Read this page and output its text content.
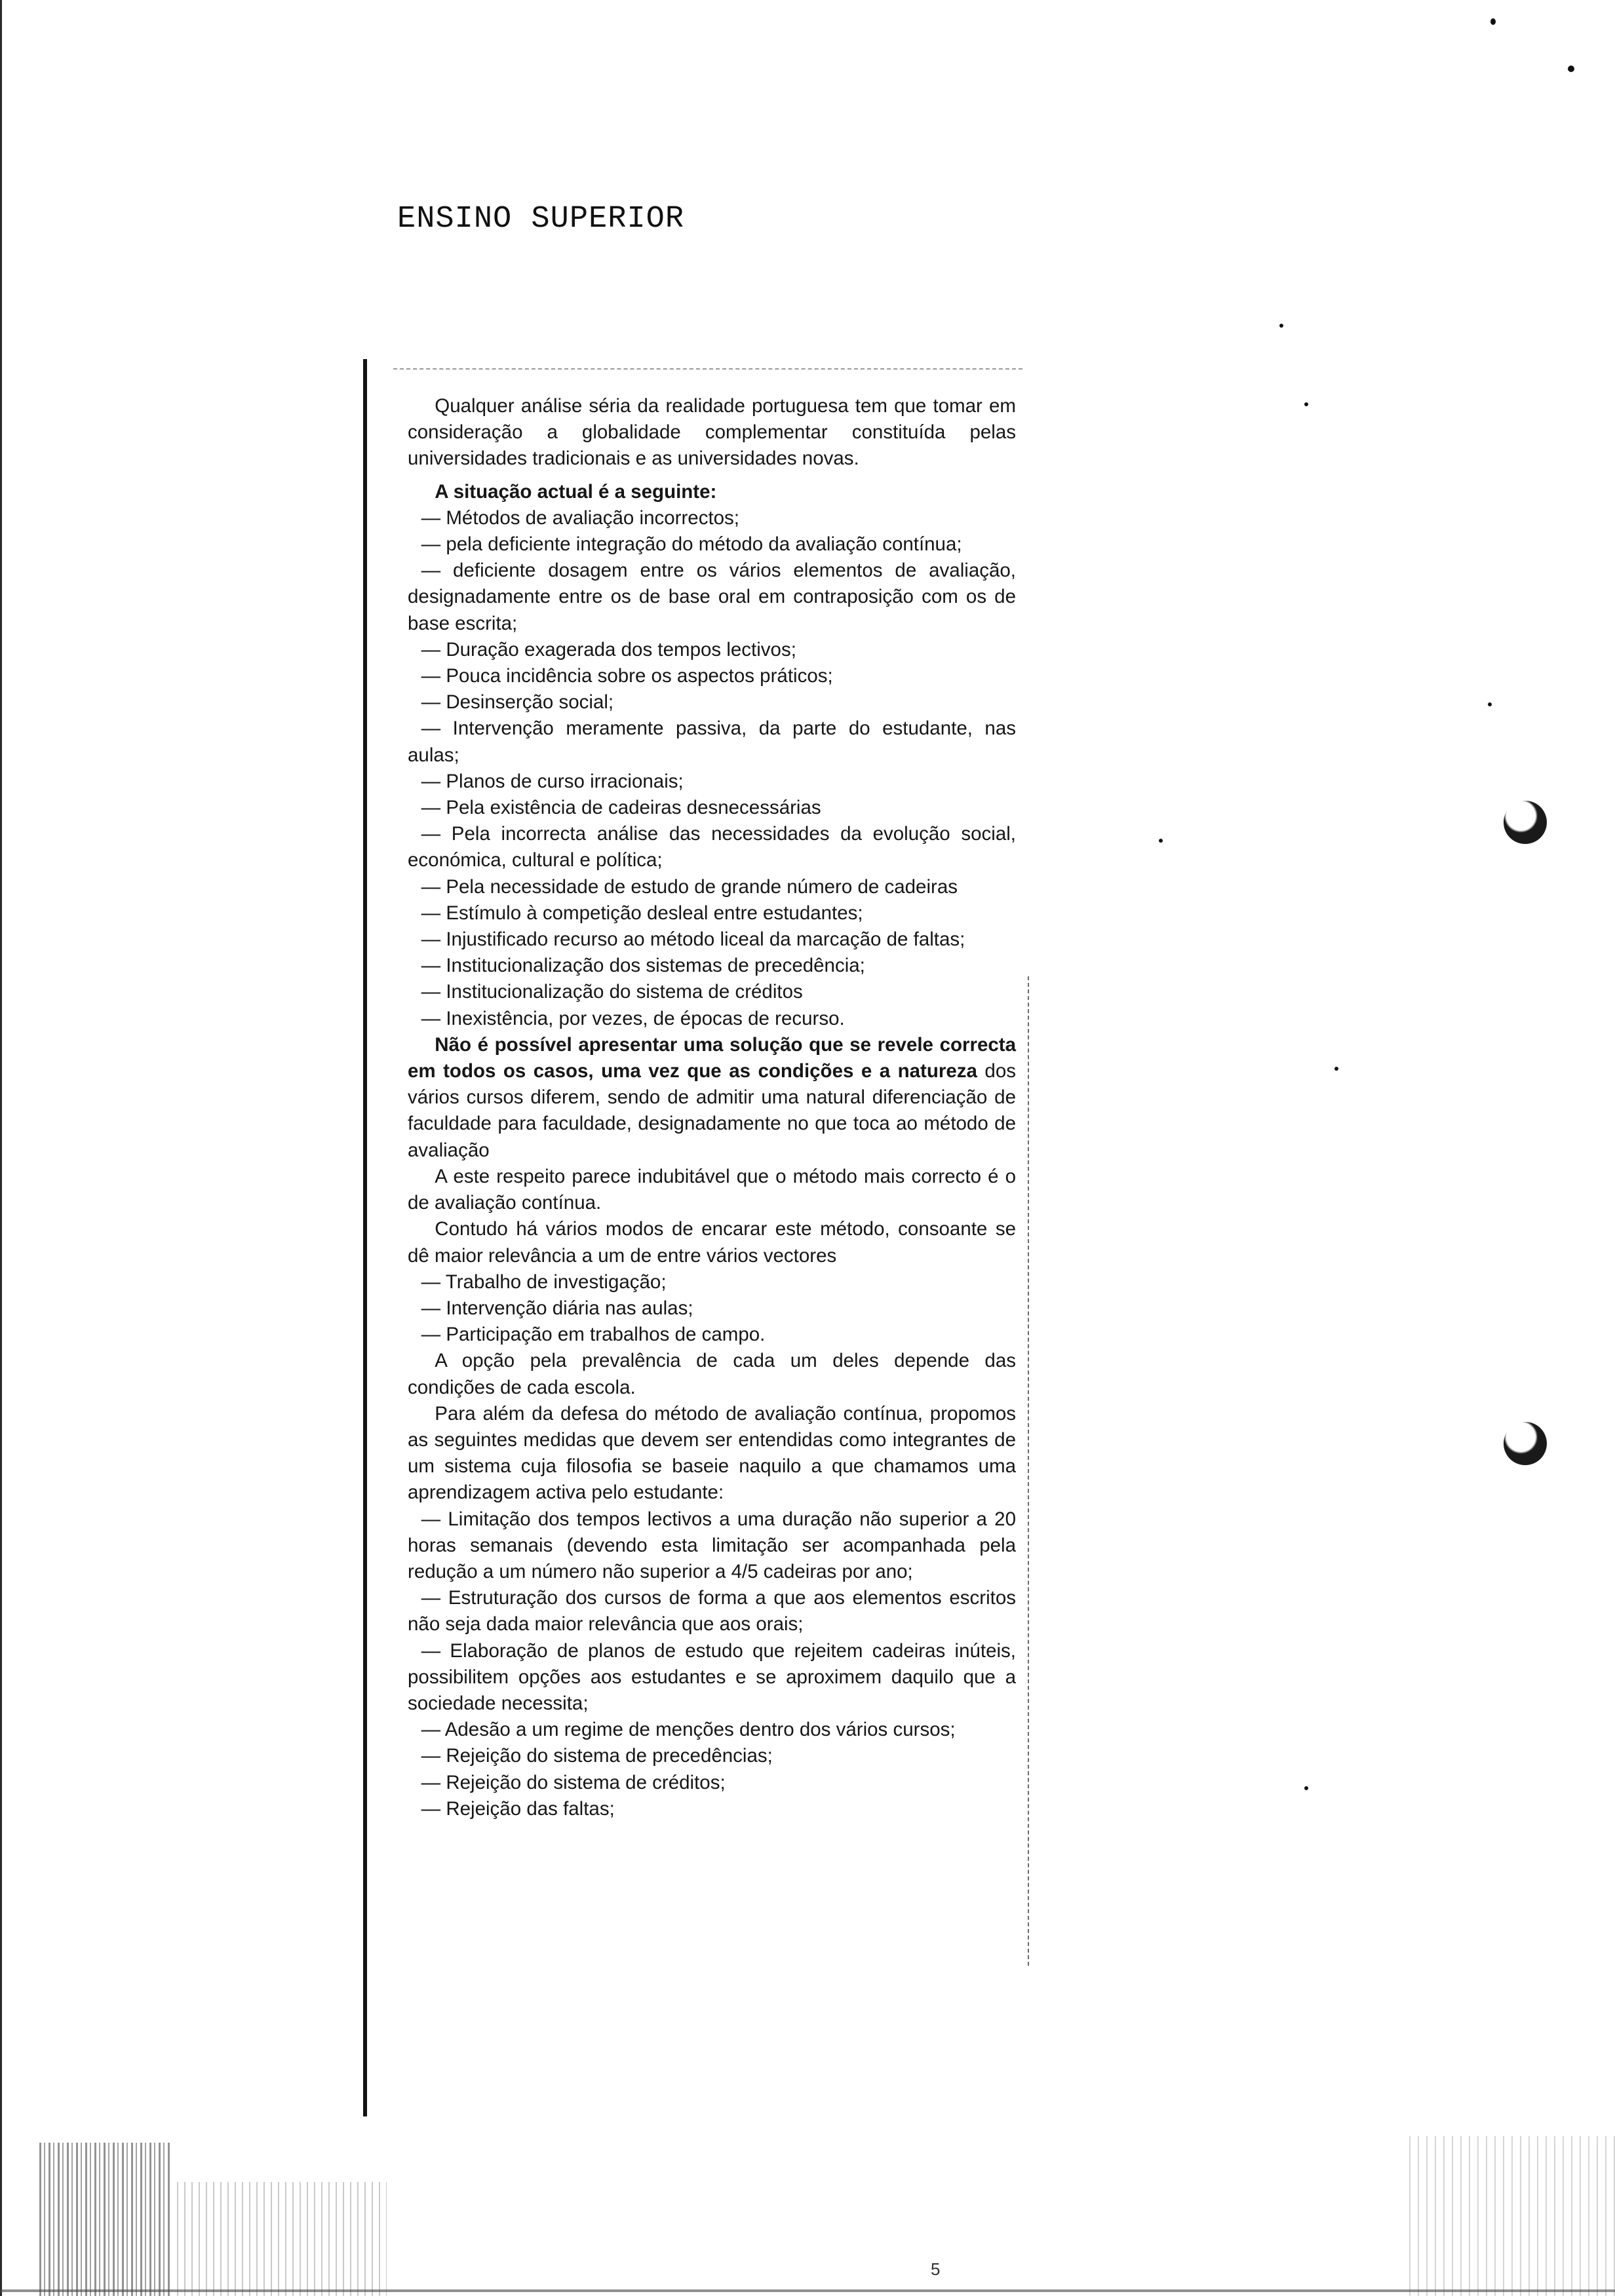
ENSINO SUPERIOR

Qualquer análise séria da realidade portuguesa tem que tomar em consideração a globalidade complementar constituída pelas universidades tradicionais e as universidades novas.

A situação actual é a seguinte:

— Métodos de avaliação incorrectos;

— pela deficiente integração do método da avaliação contínua;

— deficiente dosagem entre os vários elementos de avaliação, designadamente entre os de base oral em contraposição com os de base escrita;

— Duração exagerada dos tempos lectivos;

— Pouca incidência sobre os aspectos práticos;

— Desinserção social;

— Intervenção meramente passiva, da parte do estudante, nas aulas;

— Planos de curso irracionais;

— Pela existência de cadeiras desnecessárias

— Pela incorrecta análise das necessidades da evolução social, económica, cultural e política;

— Pela necessidade de estudo de grande número de cadeiras

— Estímulo à competição desleal entre estudantes;

— Injustificado recurso ao método liceal da marcação de faltas;

— Institucionalização dos sistemas de precedência;

— Institucionalização do sistema de créditos

— Inexistência, por vezes, de épocas de recurso.

Não é possível apresentar uma solução que se revele correcta em todos os casos, uma vez que as condições e a natureza dos vários cursos diferem, sendo de admitir uma natural diferenciação de faculdade para faculdade, designadamente no que toca ao método de avaliação

A este respeito parece indubitável que o método mais correcto é o de avaliação contínua.

Contudo há vários modos de encarar este método, consoante se dê maior relevância a um de entre vários vectores

— Trabalho de investigação;

— Intervenção diária nas aulas;

— Participação em trabalhos de campo.

A opção pela prevalência de cada um deles depende das condições de cada escola.

Para além da defesa do método de avaliação contínua, propomos as seguintes medidas que devem ser entendidas como integrantes de um sistema cuja filosofia se baseie naquilo a que chamamos uma aprendizagem activa pelo estudante:

— Limitação dos tempos lectivos a uma duração não superior a 20 horas semanais (devendo esta limitação ser acompanhada pela redução a um número não superior a 4/5 cadeiras por ano;

— Estruturação dos cursos de forma a que aos elementos escritos não seja dada maior relevância que aos orais;

— Elaboração de planos de estudo que rejeitem cadeiras inúteis, possibilitem opções aos estudantes e se aproximem daquilo que a sociedade necessita;

— Adesão a um regime de menções dentro dos vários cursos;

— Rejeição do sistema de precedências;

— Rejeição do sistema de créditos;

— Rejeição das faltas;

5
